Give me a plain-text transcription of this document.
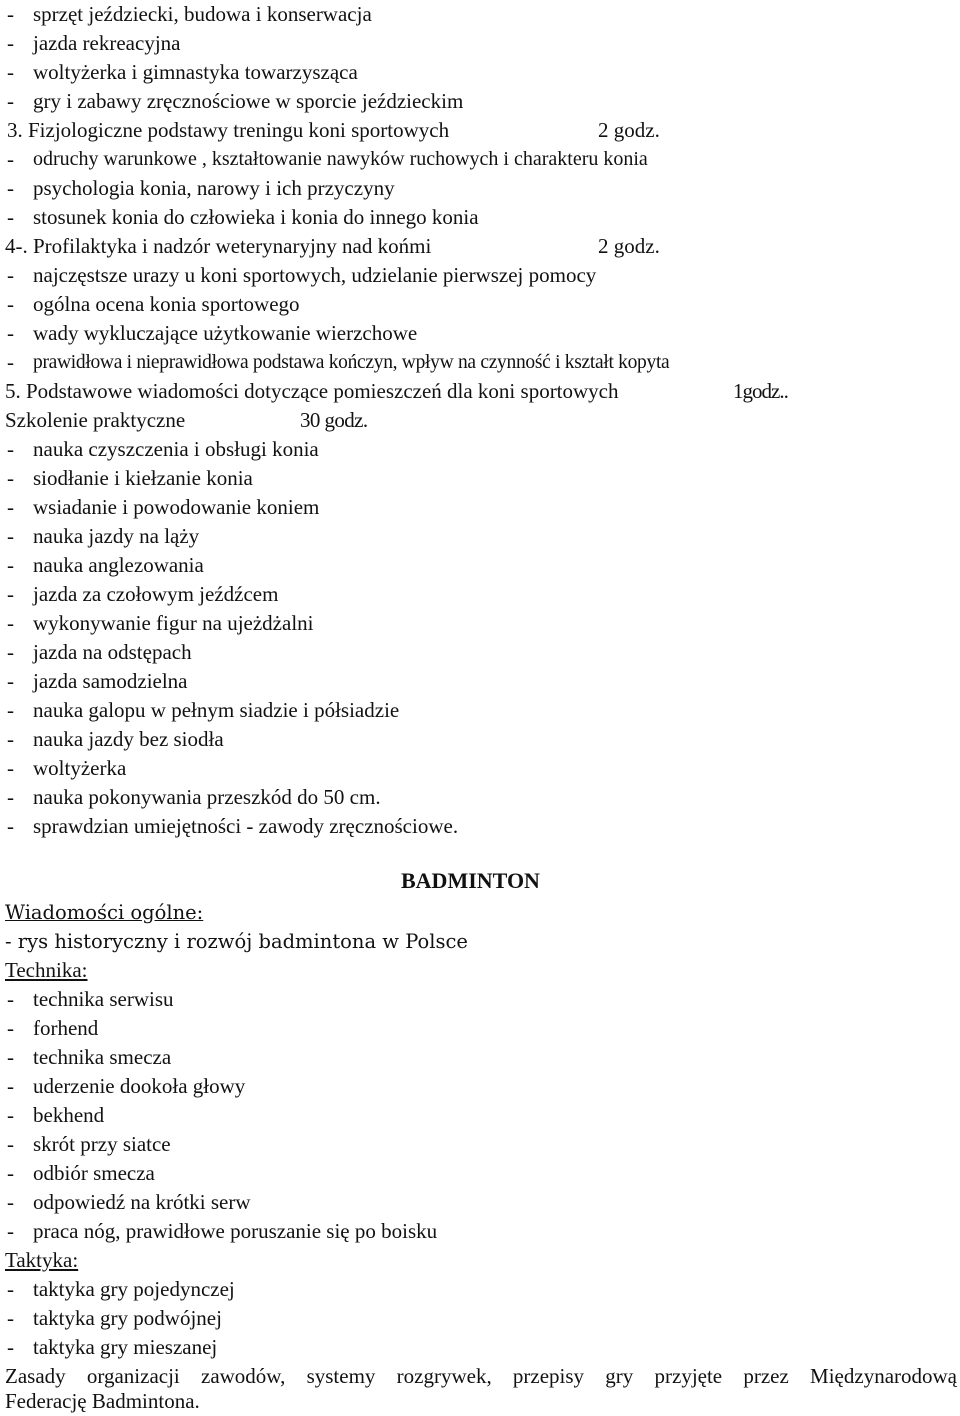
- sprzęt jeździecki, budowa i konserwacja
- jazda rekreacyjna
- woltyżerka i gimnastyka towarzysząca
- gry i zabawy zręcznościowe w sporcie jeździeckim
3. Fizjologiczne podstawy treningu koni sportowych	2 godz.
- odruchy warunkowe , kształtowanie nawyków ruchowych i charakteru konia
- psychologia konia, narowy i ich przyczyny
- stosunek konia do człowieka i konia do innego konia
4-. Profilaktyka i nadzór weterynaryjny nad końmi	2 godz.
- najczęstsze urazy u koni sportowych, udzielanie pierwszej pomocy
- ogólna ocena konia sportowego
- wady wykluczające użytkowanie wierzchowe
- prawidłowa i nieprawidłowa podstawa kończyn, wpływ na czynność i kształt kopyta
5. Podstawowe wiadomości dotyczące pomieszczeń dla koni sportowych	1godz..
Szkolenie praktyczne	30 godz.
- nauka czyszczenia i obsługi konia
- siodłanie i kiełzanie konia
- wsiadanie i powodowanie koniem
- nauka jazdy na ląży
- nauka anglezowania
- jazda za czołowym jeźdźcem
- wykonywanie figur na ujeżdżalni
- jazda na odstępach
- jazda samodzielna
- nauka galopu w pełnym siadzie i półsiadzie
- nauka jazdy bez siodła
- woltyżerka
- nauka pokonywania przeszkód do 50 cm.
- sprawdzian umiejętności - zawody zręcznościowe.
BADMINTON
Wiadomości ogólne:
- rys historyczny i rozwój badmintona w Polsce
Technika:
- technika serwisu
- forhend
- technika smecza
- uderzenie dookoła głowy
- bekhend
- skrót przy siatce
- odbiór smecza
- odpowiedź na krótki serw
- praca nóg, prawidłowe poruszanie się po boisku
Taktyka:
- taktyka gry pojedynczej
- taktyka gry podwójnej
- taktyka gry mieszanej
Zasady organizacji zawodów, systemy rozgrywek, przepisy gry przyjęte przez Międzynarodową
Federację Badmintona.
